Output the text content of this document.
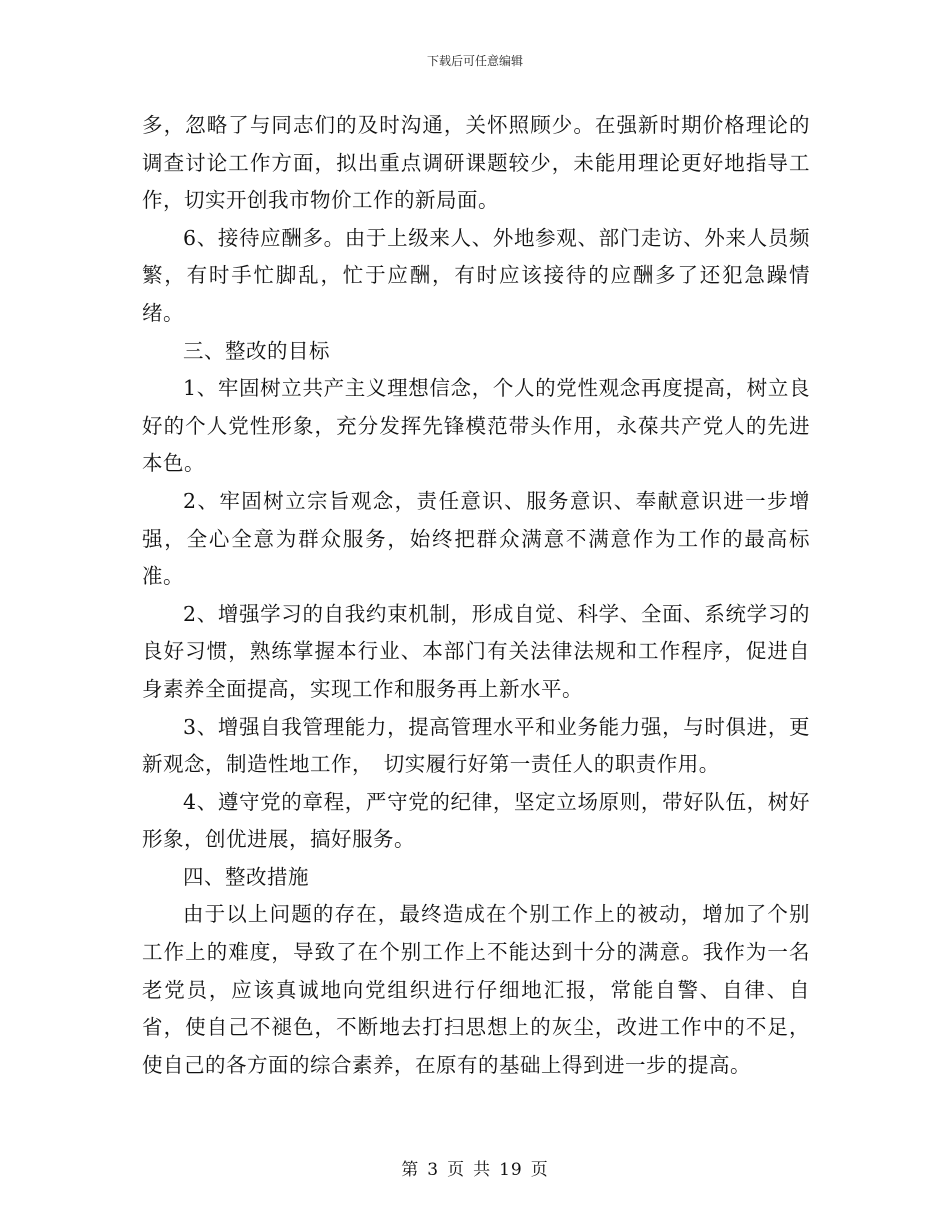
下载后可任意编辑

多，忽略了与同志们的及时沟通，关怀照顾少。在强新时期价格理论的调查讨论工作方面，拟出重点调研课题较少，未能用理论更好地指导工作，切实开创我市物价工作的新局面。

6、接待应酬多。由于上级来人、外地参观、部门走访、外来人员频繁，有时手忙脚乱，忙于应酬，有时应该接待的应酬多了还犯急躁情绪。

三、整改的目标

1、牢固树立共产主义理想信念，个人的党性观念再度提高，树立良好的个人党性形象，充分发挥先锋模范带头作用，永葆共产党人的先进本色。

2、牢固树立宗旨观念，责任意识、服务意识、奉献意识进一步增强，全心全意为群众服务，始终把群众满意不满意作为工作的最高标准。

2、增强学习的自我约束机制，形成自觉、科学、全面、系统学习的良好习惯，熟练掌握本行业、本部门有关法律法规和工作程序，促进自身素养全面提高，实现工作和服务再上新水平。

3、增强自我管理能力，提高管理水平和业务能力强，与时俱进，更新观念，制造性地工作，　切实履行好第一责任人的职责作用。

4、遵守党的章程，严守党的纪律，坚定立场原则，带好队伍，树好形象，创优进展，搞好服务。

四、整改措施

由于以上问题的存在，最终造成在个别工作上的被动，增加了个别工作上的难度，导致了在个别工作上不能达到十分的满意。我作为一名老党员，应该真诚地向党组织进行仔细地汇报，常能自警、自律、自省，使自己不褪色，不断地去打扫思想上的灰尘，改进工作中的不足，使自己的各方面的综合素养，在原有的基础上得到进一步的提高。

第 3 页 共 19 页
